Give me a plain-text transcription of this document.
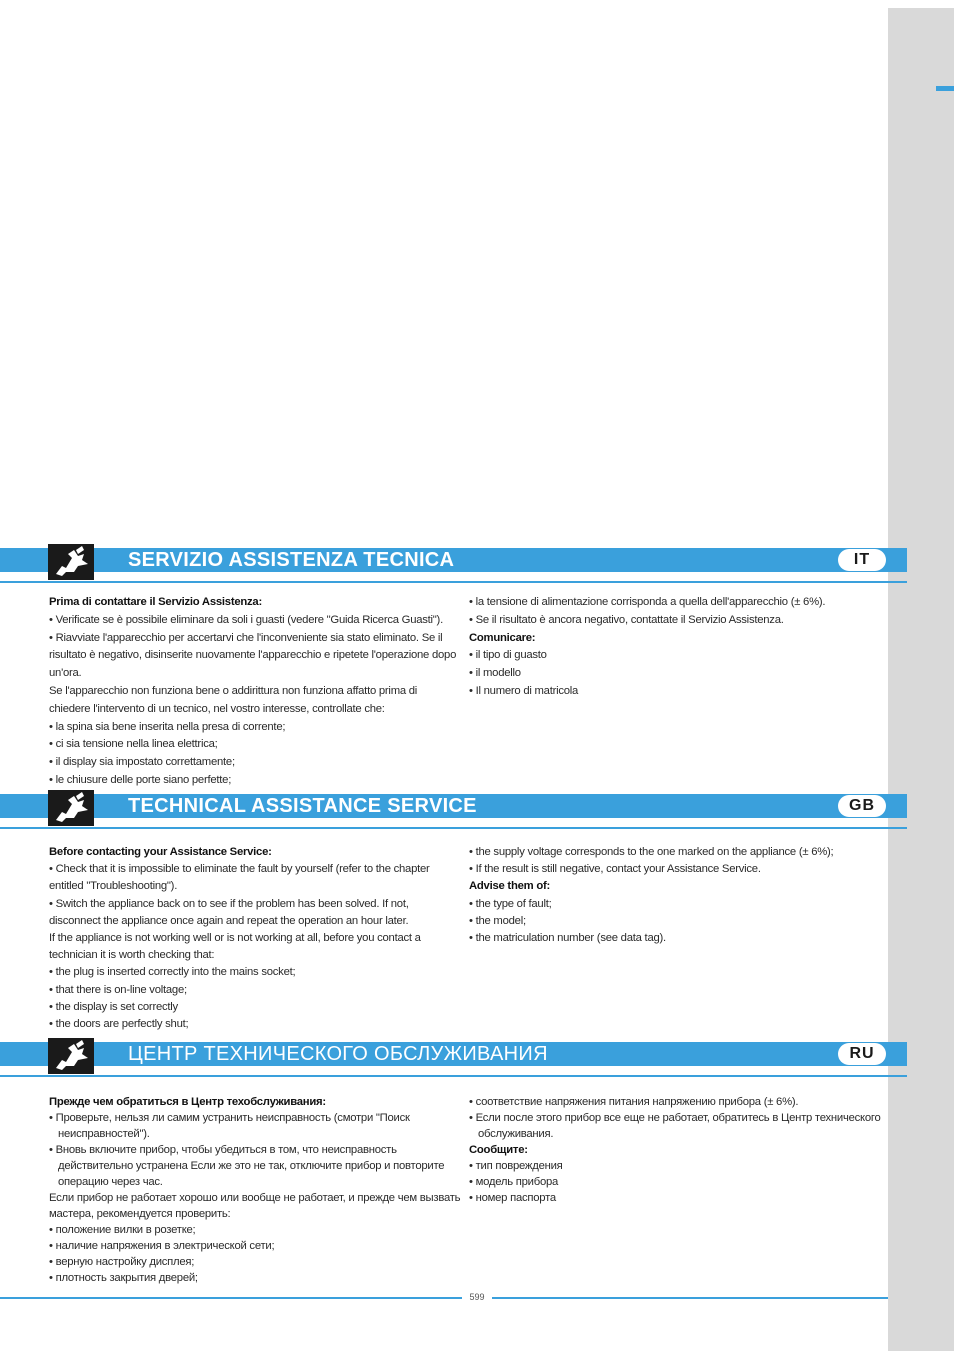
SERVIZIO ASSISTENZA TECNICA	IT

Prima di contattare il Servizio Assistenza:

• Verificate se è possibile eliminare da soli i guasti (vedere "Guida Ricerca Guasti").

• Riavviate l'apparecchio per accertarvi che l'inconveniente sia stato eliminato. Se il risultato è negativo, disinserite nuovamente l'apparecchio e ripetete l'operazione dopo un'ora.

Se l'apparecchio non funziona bene o addirittura non funziona affatto prima di chiedere l'intervento di un tecnico, nel vostro interesse, controllate che:

• la spina sia bene inserita nella presa di corrente;

• ci sia tensione nella linea elettrica;

• il display sia impostato correttamente;

• le chiusure delle porte siano perfette;

• la tensione di alimentazione corrisponda a quella dell'apparecchio (± 6%).

• Se il risultato è ancora negativo, contattate il Servizio Assistenza.

Comunicare:

• il tipo di guasto

• il modello

• Il numero di matricola

TECHNICAL ASSISTANCE SERVICE	GB

Before contacting your Assistance Service:

• Check that it is impossible to eliminate the fault by yourself (refer to the chapter entitled "Troubleshooting").

• Switch the appliance back on to see if the problem has been solved. If not, disconnect the appliance once again and repeat the operation an hour later.

If the appliance is not working well or is not working at all, before you contact a technician it is worth checking that:

• the plug is inserted correctly into the mains socket;

• that there is on-line voltage;

• the display is set correctly

• the doors are perfectly shut;

• the supply voltage corresponds to the one marked on the appliance (± 6%);

• If the result is still negative, contact your Assistance Service.

Advise them of:

• the type of fault;

• the model;

• the matriculation number (see data tag).

ЦЕНТР ТЕХНИЧЕСКОГО ОБСЛУЖИВАНИЯ	RU

Прежде чем обратиться в Центр техобслуживания:

• Проверьте, нельзя ли самим устранить неисправность (смотри "Поиск неисправностей").

• Вновь включите прибор, чтобы убедиться в том, что неисправность действительно устранена Если же это не так, отключите прибор и повторите операцию через час.

Если прибор не работает хорошо или вообще не работает, и прежде чем вызвать мастера, рекомендуется проверить:

• положение вилки в розетке;

• наличие напряжения в электрической сети;

• верную настройку дисплея;

• плотность закрытия дверей;

• соответствие напряжения питания напряжению прибора (± 6%).

• Если после этого прибор все еще не работает, обратитесь в Центр технического обслуживания.

Сообщите:

• тип повреждения

• модель прибора

• номер паспорта

599
